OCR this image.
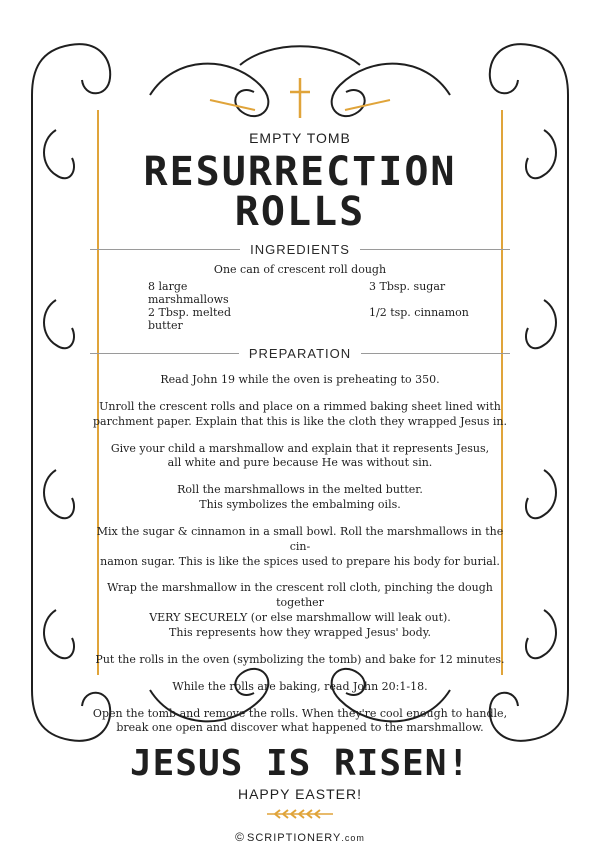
EMPTY TOMB
RESURRECTION ROLLS
INGREDIENTS
One can of crescent roll dough
8 large marshmallows
3 Tbsp. sugar
2 Tbsp. melted butter
1/2 tsp. cinnamon
PREPARATION
Read John 19 while the oven is preheating to 350.
Unroll the crescent rolls and place on a rimmed baking sheet lined with
parchment paper. Explain that this is like the cloth they wrapped Jesus in.
Give your child a marshmallow and explain that it represents Jesus,
all white and pure because He was without sin.
Roll the marshmallows in the melted butter.
This symbolizes the embalming oils.
Mix the sugar & cinnamon in a small bowl. Roll the marshmallows in the cin-
namon sugar. This is like the spices used to prepare his body for burial.
Wrap the marshmallow in the crescent roll cloth, pinching the dough together
VERY SECURELY (or else marshmallow will leak out).
This represents how they wrapped Jesus' body.
Put the rolls in the oven (symbolizing the tomb) and bake for 12 minutes.
While the rolls are baking, read John 20:1-18.
Open the tomb and remove the rolls. When they're cool enough to handle,
break one open and discover what happened to the marshmallow.
JESUS IS RISEN!
HAPPY EASTER!
© SCRIPTIONERY.com
